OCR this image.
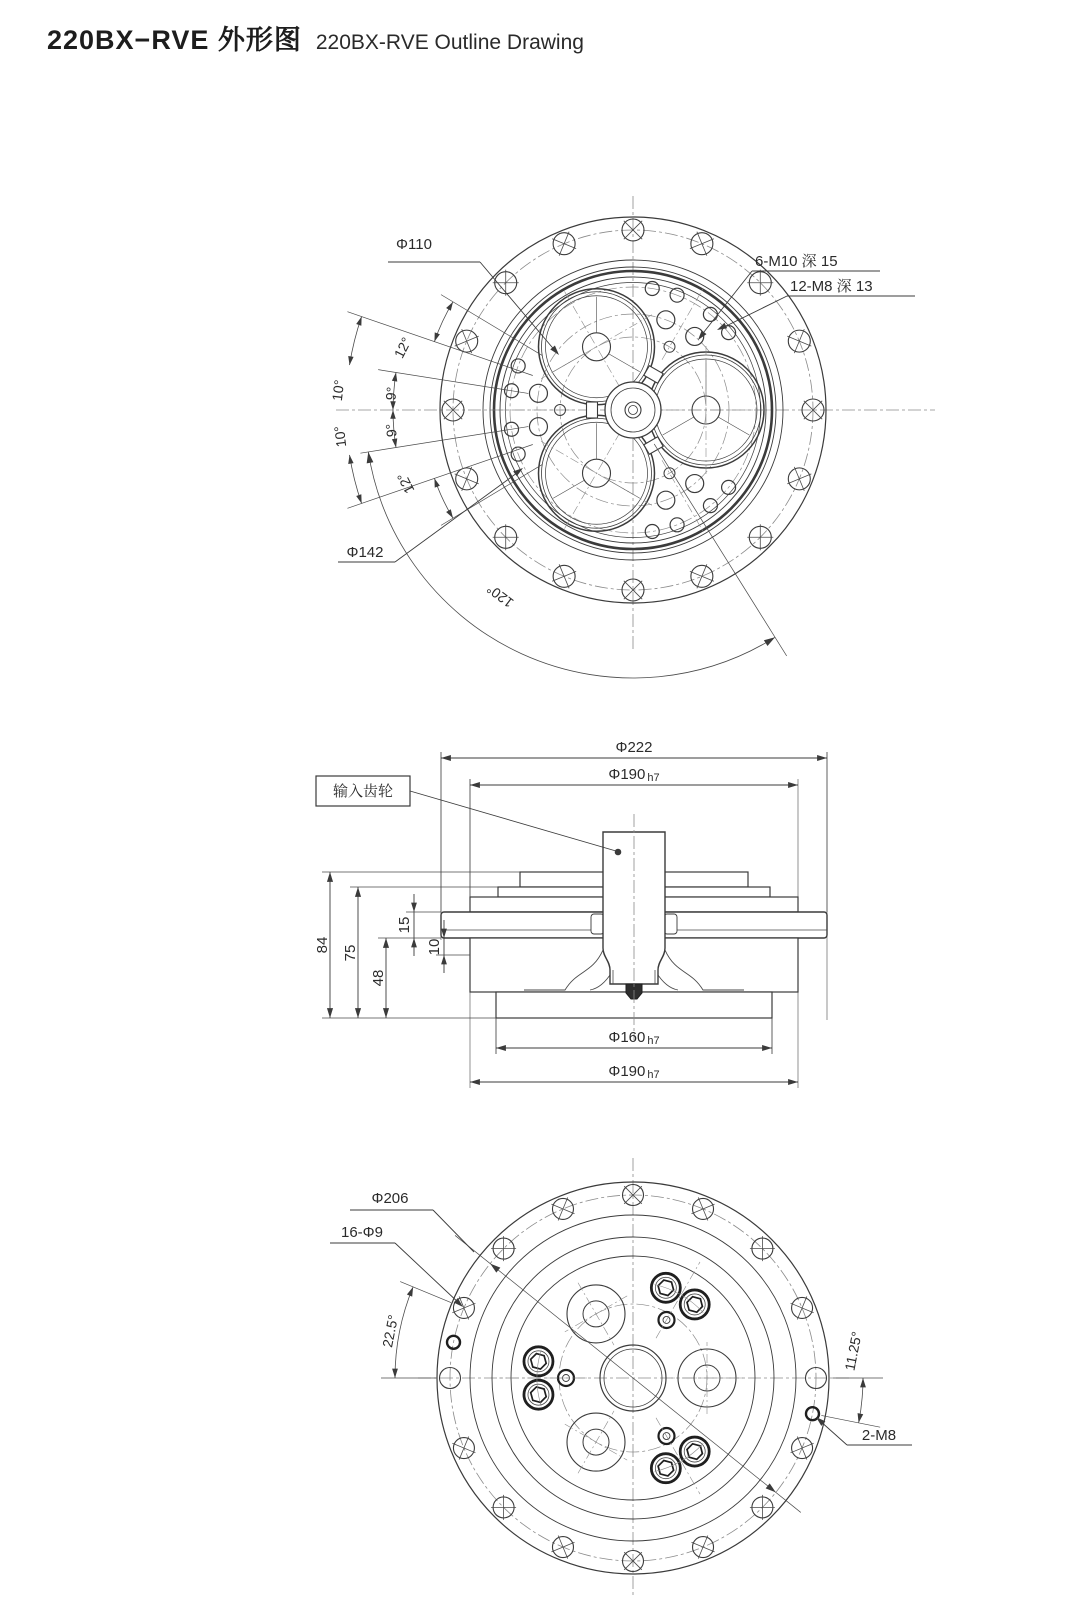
220BX−RVE 外形图 220BX-RVE Outline Drawing
Φ110
6-M10 深 15
12-M8 深 13
Φ142
12°
10°	9°
9°
10°
12°
120°
Φ222
Φ190 h7
输入齿轮
84 75
48
15
10
Φ160 h7
Φ190 h7
Φ206
16-Φ9
22.5°	11.25°
2-M8
